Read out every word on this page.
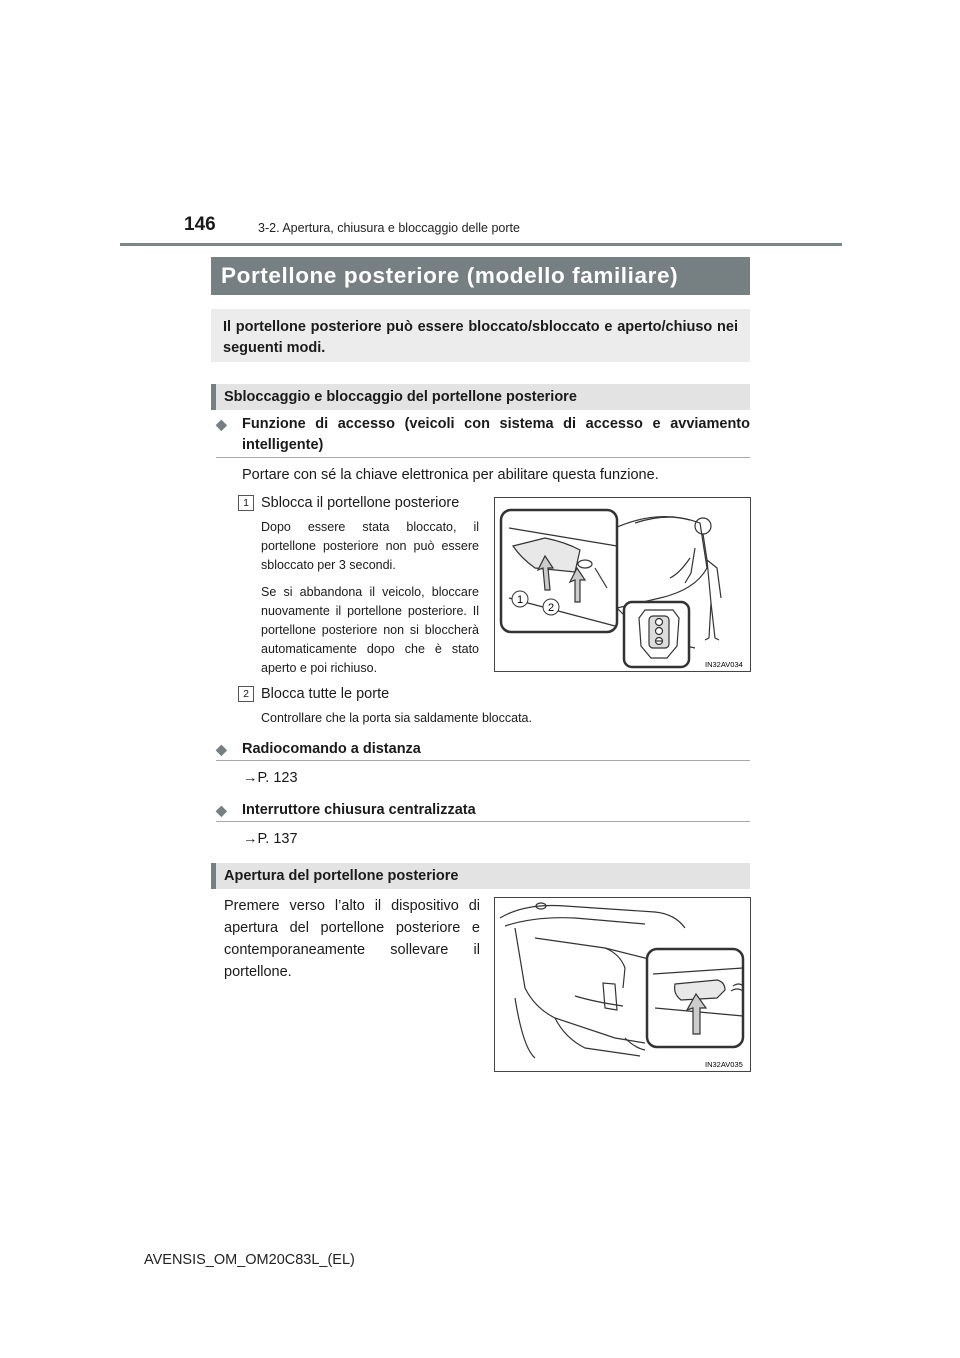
146	3-2. Apertura, chiusura e bloccaggio delle porte
Portellone posteriore (modello familiare)
Il portellone posteriore può essere bloccato/sbloccato e aperto/chiuso nei seguenti modi.
Sbloccaggio e bloccaggio del portellone posteriore
◆ Funzione di accesso (veicoli con sistema di accesso e avviamento intelligente)
Portare con sé la chiave elettronica per abilitare questa funzione.
1 Sblocca il portellone posteriore
Dopo essere stata bloccato, il portellone posteriore non può essere sbloccato per 3 secondi.
Se si abbandona il veicolo, bloccare nuovamente il portellone posteriore. Il portellone posteriore non si bloccherà automaticamente dopo che è stato aperto e poi richiuso.
1
2
IN32AV034
2 Blocca tutte le porte
Controllare che la porta sia saldamente bloccata.
◆ Radiocomando a distanza
→P. 123
◆ Interruttore chiusura centralizzata
→P. 137
Apertura del portellone posteriore
Premere verso l’alto il dispositivo di apertura del portellone posteriore e contemporaneamente sollevare il portellone.
IN32AV035
AVENSIS_OM_OM20C83L_(EL)
